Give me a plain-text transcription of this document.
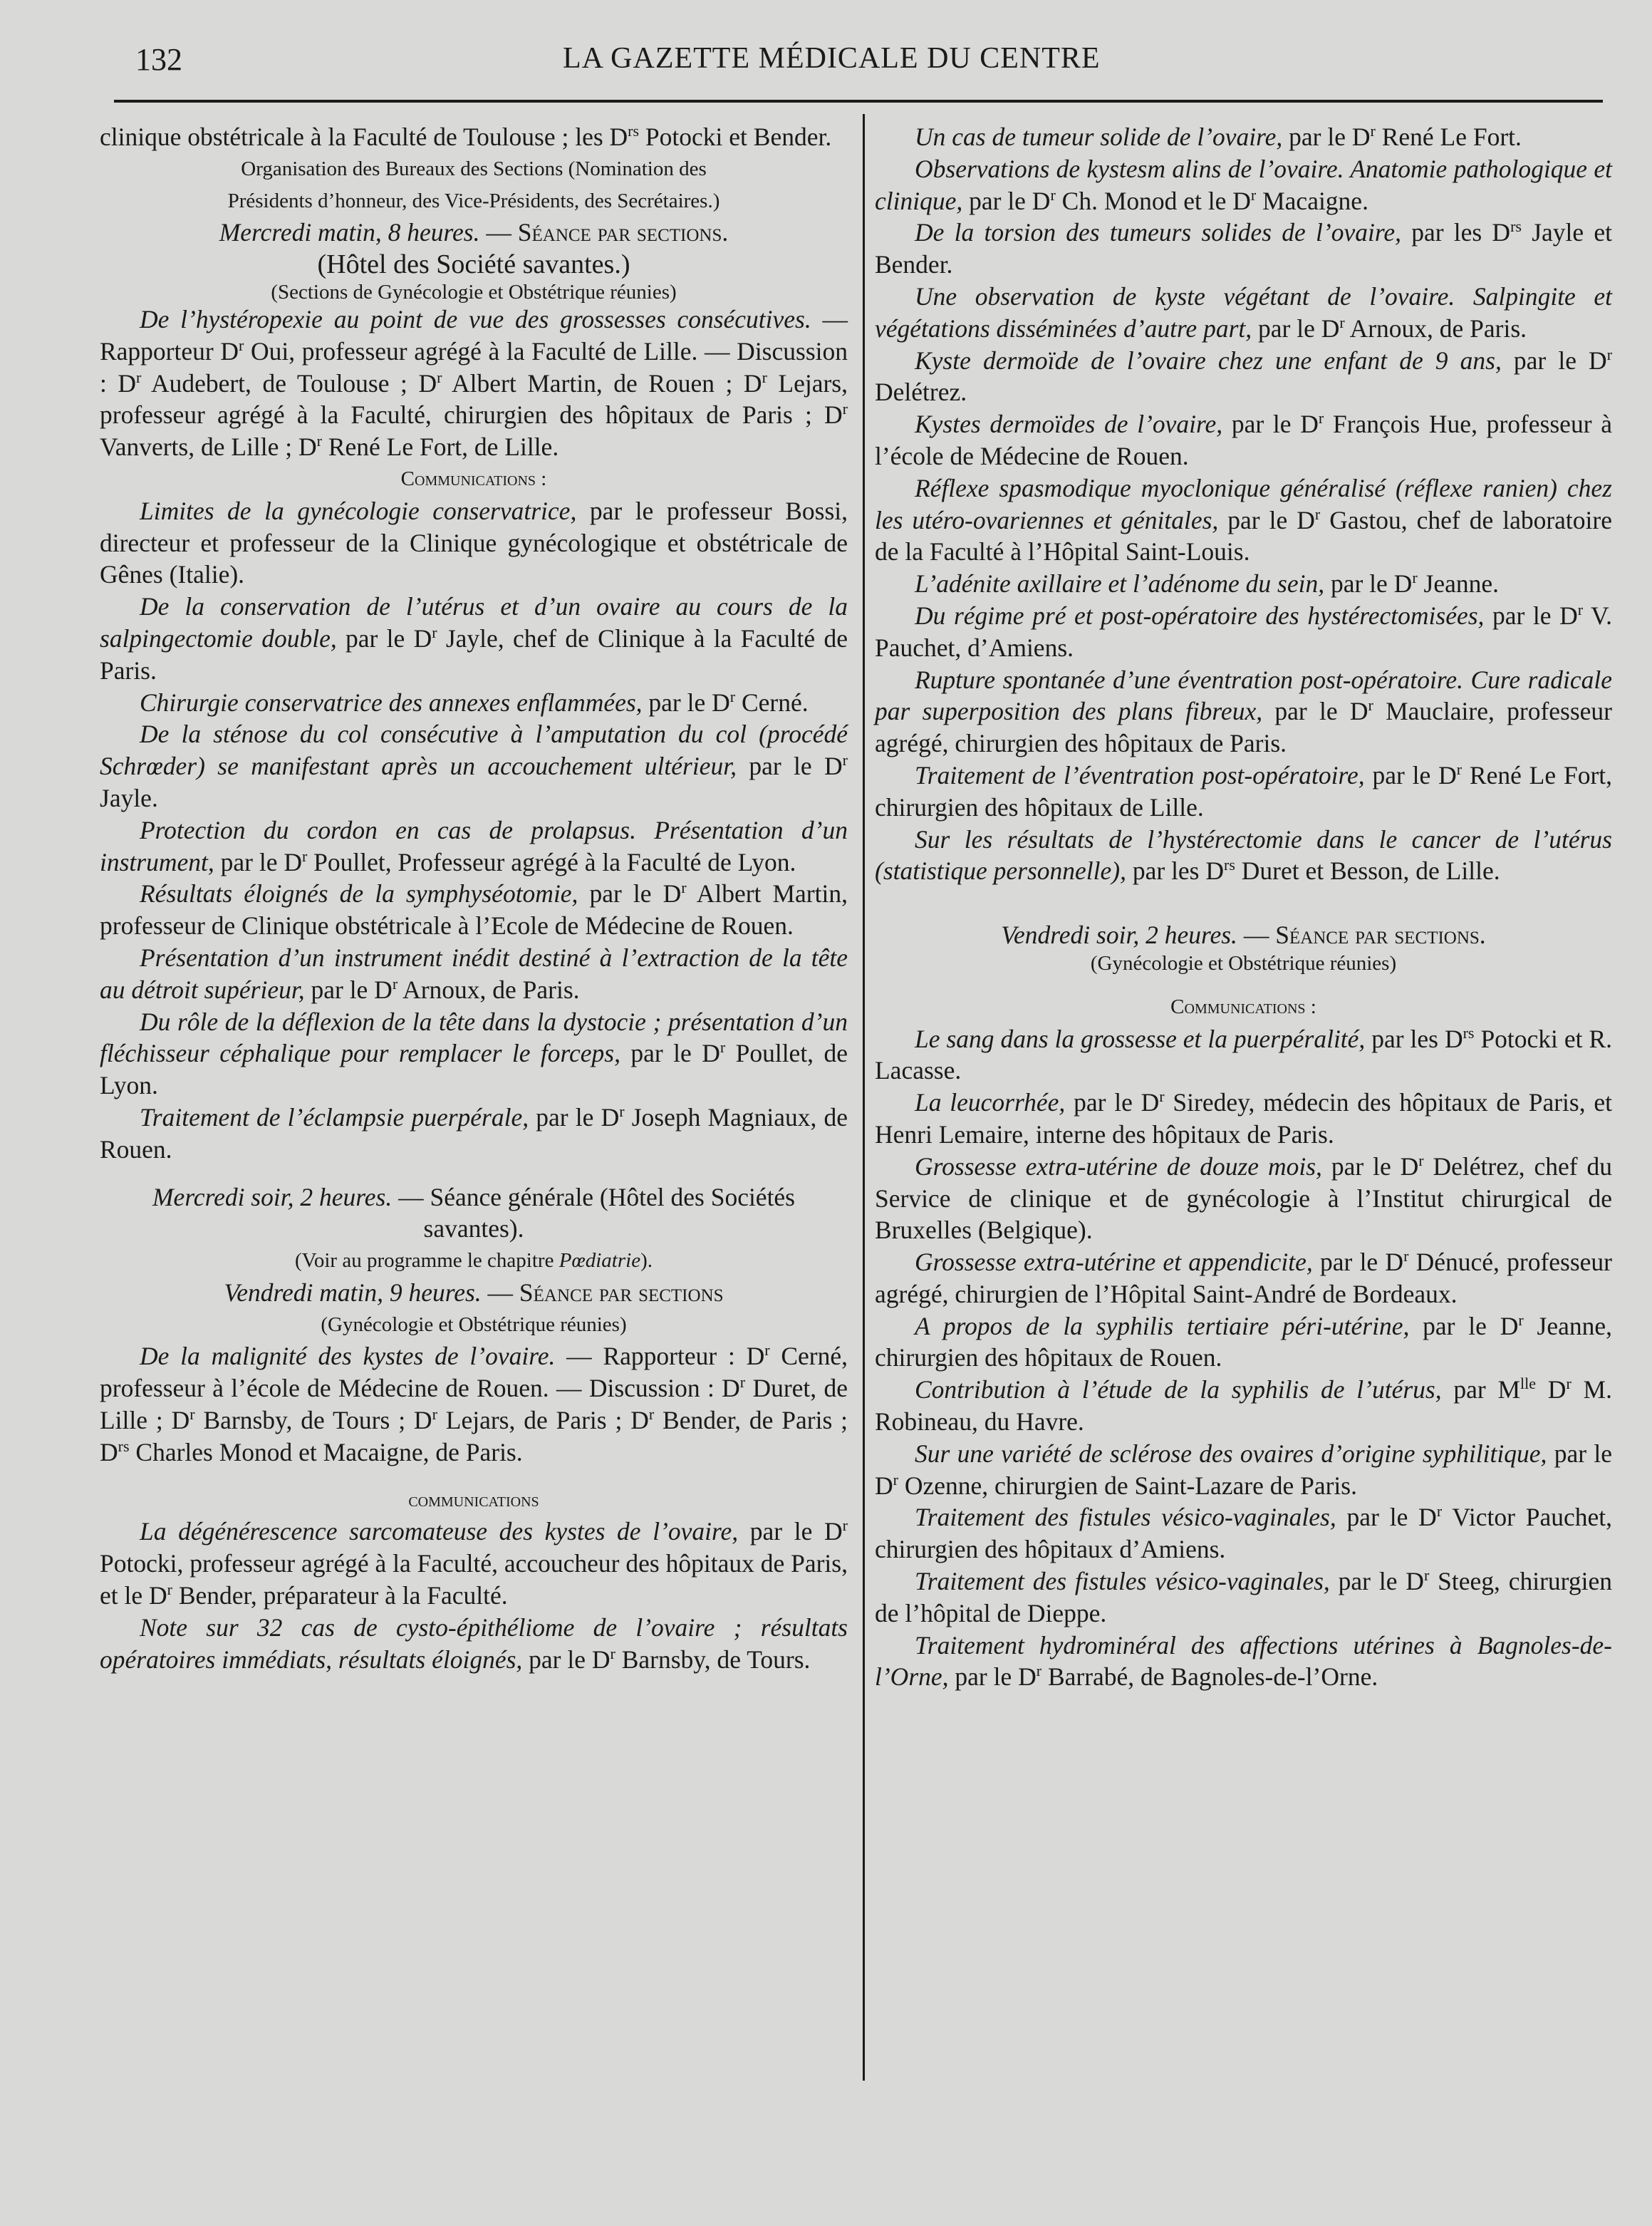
132	LA GAZETTE MÉDICALE DU CENTRE

clinique obstétricale à la Faculté de Toulouse ; les $D^{rs}$ Potocki et Bender.

Organisation des Bureaux des Sections (Nomination des
Présidents d’honneur, des Vice-Présidents, des Secrétaires.)

Mercredi matin, 8 heures. — Séance par sections.

(Hôtel des Société savantes.)

(Sections de Gynécologie et Obstétrique réunies)

De l’hystéropexie au point de vue des grossesses consécutives. — Rapporteur $D^r$ Oui, professeur agrégé à la Faculté de Lille. — Discussion : $D^r$ Audebert, de Toulouse ; $D^r$ Albert Martin, de Rouen ; $D^r$ Lejars, professeur agrégé à la Faculté, chirurgien des hôpitaux de Paris ; $D^r$ Vanverts, de Lille ; $D^r$ René Le Fort, de Lille.

Communications :

Limites de la gynécologie conservatrice, par le professeur Bossi, directeur et professeur de la Clinique gynécologique et obstétricale de Gênes (Italie).

De la conservation de l’utérus et d’un ovaire au cours de la salpingectomie double, par le $D^r$ Jayle, chef de Clinique à la Faculté de Paris.

Chirurgie conservatrice des annexes enflammées, par le $D^r$ Cerné.

De la sténose du col consécutive à l’amputation du col (procédé Schrœder) se manifestant après un accouchement ultérieur, par le $D^r$ Jayle.

Protection du cordon en cas de prolapsus. Présentation d’un instrument, par le $D^r$ Poullet, Professeur agrégé à la Faculté de Lyon.

Résultats éloignés de la symphyséotomie, par le $D^r$ Albert Martin, professeur de Clinique obstétricale à l’Ecole de Médecine de Rouen.

Présentation d’un instrument inédit destiné à l’extraction de la tête au détroit supérieur, par le $D^r$ Arnoux, de Paris.

Du rôle de la déflexion de la tête dans la dystocie ; présentation d’un fléchisseur céphalique pour remplacer le forceps, par le $D^r$ Poullet, de Lyon.

Traitement de l’éclampsie puerpérale, par le $D^r$ Joseph Magniaux, de Rouen.

Mercredi soir, 2 heures. — Séance générale (Hôtel des Sociétés savantes).

(Voir au programme le chapitre Pœdiatrie).

Vendredi matin, 9 heures. — Séance par sections

(Gynécologie et Obstétrique réunies)

De la malignité des kystes de l’ovaire. — Rapporteur : $D^r$ Cerné, professeur à l’école de Médecine de Rouen. — Discussion : $D^r$ Duret, de Lille ; $D^r$ Barnsby, de Tours ; $D^r$ Lejars, de Paris ; $D^r$ Bender, de Paris ; $D^{rs}$ Charles Monod et Macaigne, de Paris.

communications

La dégénérescence sarcomateuse des kystes de l’ovaire, par le $D^r$ Potocki, professeur agrégé à la Faculté, accoucheur des hôpitaux de Paris, et le $D^r$ Bender, préparateur à la Faculté.

Note sur 32 cas de cysto-épithéliome de l’ovaire ; résultats opératoires immédiats, résultats éloignés, par le $D^r$ Barnsby, de Tours.

Un cas de tumeur solide de l’ovaire, par le $D^r$ René Le Fort.

Observations de kystesm alins de l’ovaire. Anatomie pathologique et clinique, par le $D^r$ Ch. Monod et le $D^r$ Macaigne.

De la torsion des tumeurs solides de l’ovaire, par les $D^{rs}$ Jayle et Bender.

Une observation de kyste végétant de l’ovaire. Salpingite et végétations disséminées d’autre part, par le $D^r$ Arnoux, de Paris.

Kyste dermoïde de l’ovaire chez une enfant de 9 ans, par le $D^r$ Delétrez.

Kystes dermoïdes de l’ovaire, par le $D^r$ François Hue, professeur à l’école de Médecine de Rouen.

Réflexe spasmodique myoclonique généralisé (réflexe ranien) chez les utéro-ovariennes et génitales, par le $D^r$ Gastou, chef de laboratoire de la Faculté à l’Hôpital Saint-Louis.

L’adénite axillaire et l’adénome du sein, par le $D^r$ Jeanne.

Du régime pré et post-opératoire des hystérectomisées, par le $D^r$ V. Pauchet, d’Amiens.

Rupture spontanée d’une éventration post-opératoire. Cure radicale par superposition des plans fibreux, par le $D^r$ Mauclaire, professeur agrégé, chirurgien des hôpitaux de Paris.

Traitement de l’éventration post-opératoire, par le $D^r$ René Le Fort, chirurgien des hôpitaux de Lille.

Sur les résultats de l’hystérectomie dans le cancer de l’utérus (statistique personnelle), par les $D^{rs}$ Duret et Besson, de Lille.

Vendredi soir, 2 heures. — Séance par sections.

(Gynécologie et Obstétrique réunies)

Communications :

Le sang dans la grossesse et la puerpéralité, par les $D^{rs}$ Potocki et R. Lacasse.

La leucorrhée, par le $D^r$ Siredey, médecin des hôpitaux de Paris, et Henri Lemaire, interne des hôpitaux de Paris.

Grossesse extra-utérine de douze mois, par le $D^r$ Delétrez, chef du Service de clinique et de gynécologie à l’Institut chirurgical de Bruxelles (Belgique).

Grossesse extra-utérine et appendicite, par le $D^r$ Dénucé, professeur agrégé, chirurgien de l’Hôpital Saint-André de Bordeaux.

A propos de la syphilis tertiaire péri-utérine, par le $D^r$ Jeanne, chirurgien des hôpitaux de Rouen.

Contribution à l’étude de la syphilis de l’utérus, par $M^{lle}$ $D^r$ M. Robineau, du Havre.

Sur une variété de sclérose des ovaires d’origine syphilitique, par le $D^r$ Ozenne, chirurgien de Saint-Lazare de Paris.

Traitement des fistules vésico-vaginales, par le $D^r$ Victor Pauchet, chirurgien des hôpitaux d’Amiens.

Traitement des fistules vésico-vaginales, par le $D^r$ Steeg, chirurgien de l’hôpital de Dieppe.

Traitement hydrominéral des affections utérines à Bagnoles-de-l’Orne, par le $D^r$ Barrabé, de Bagnoles-de-l’Orne.
